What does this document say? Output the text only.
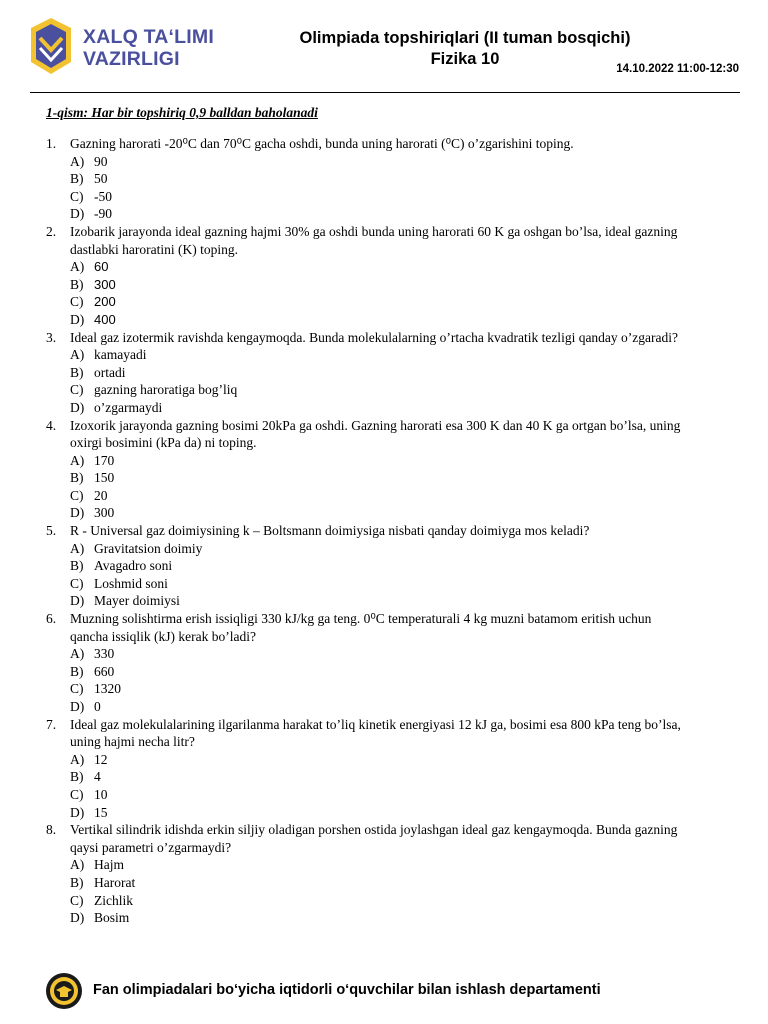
XALQ TAʻLIMI
VAZIRLIGI
Olimpiada topshiriqlari (II tuman bosqichi)
Fizika 10
14.10.2022 11:00-12:30
1-qism: Har bir topshiriq 0,9 balldan baholanadi
1.	Gazning harorati -20⁰C dan 70⁰C gacha oshdi, bunda uning harorati (⁰C) o’zgarishini toping.
A) 90
B) 50
C) -50
D) -90
2.	Izobarik jarayonda ideal gazning hajmi 30% ga oshdi bunda uning harorati 60 K ga oshgan bo’lsa, ideal gazning
dastlabki haroratini (K) toping.
A) 60
B) 300
C) 200
D) 400
3.	Ideal gaz izotermik ravishda kengaymoqda. Bunda molekulalarning o’rtacha kvadratik tezligi qanday o’zgaradi?
A) kamayadi
B) ortadi
C) gazning haroratiga bog’liq
D) o’zgarmaydi
4.	Izoxorik jarayonda gazning bosimi 20kPa ga oshdi. Gazning harorati esa 300 K dan 40 K ga ortgan bo’lsa, uning
oxirgi bosimini (kPa da) ni toping.
A) 170
B) 150
C) 20
D) 300
5.	R - Universal gaz doimiysining k – Boltsmann doimiysiga nisbati qanday doimiyga mos keladi?
A) Gravitatsion doimiy
B) Avagadro soni
C) Loshmid soni
D) Mayer doimiysi
6.	Muzning solishtirma erish issiqligi 330 kJ/kg ga teng. 0⁰C temperaturali 4 kg muzni batamom eritish uchun
qancha issiqlik (kJ) kerak bo’ladi?
A) 330
B) 660
C) 1320
D) 0
7.	Ideal gaz molekulalarining ilgarilanma harakat to’liq kinetik energiyasi 12 kJ ga, bosimi esa 800 kPa teng bo’lsa,
uning hajmi necha litr?
A) 12
B) 4
C) 10
D) 15
8.	Vertikal silindrik idishda erkin siljiy oladigan porshen ostida joylashgan ideal gaz kengaymoqda. Bunda gazning
qaysi parametri o’zgarmaydi?
A) Hajm
B) Harorat
C) Zichlik
D) Bosim
Fan olimpiadalari bo‘yicha iqtidorli o‘quvchilar bilan ishlash departamenti
